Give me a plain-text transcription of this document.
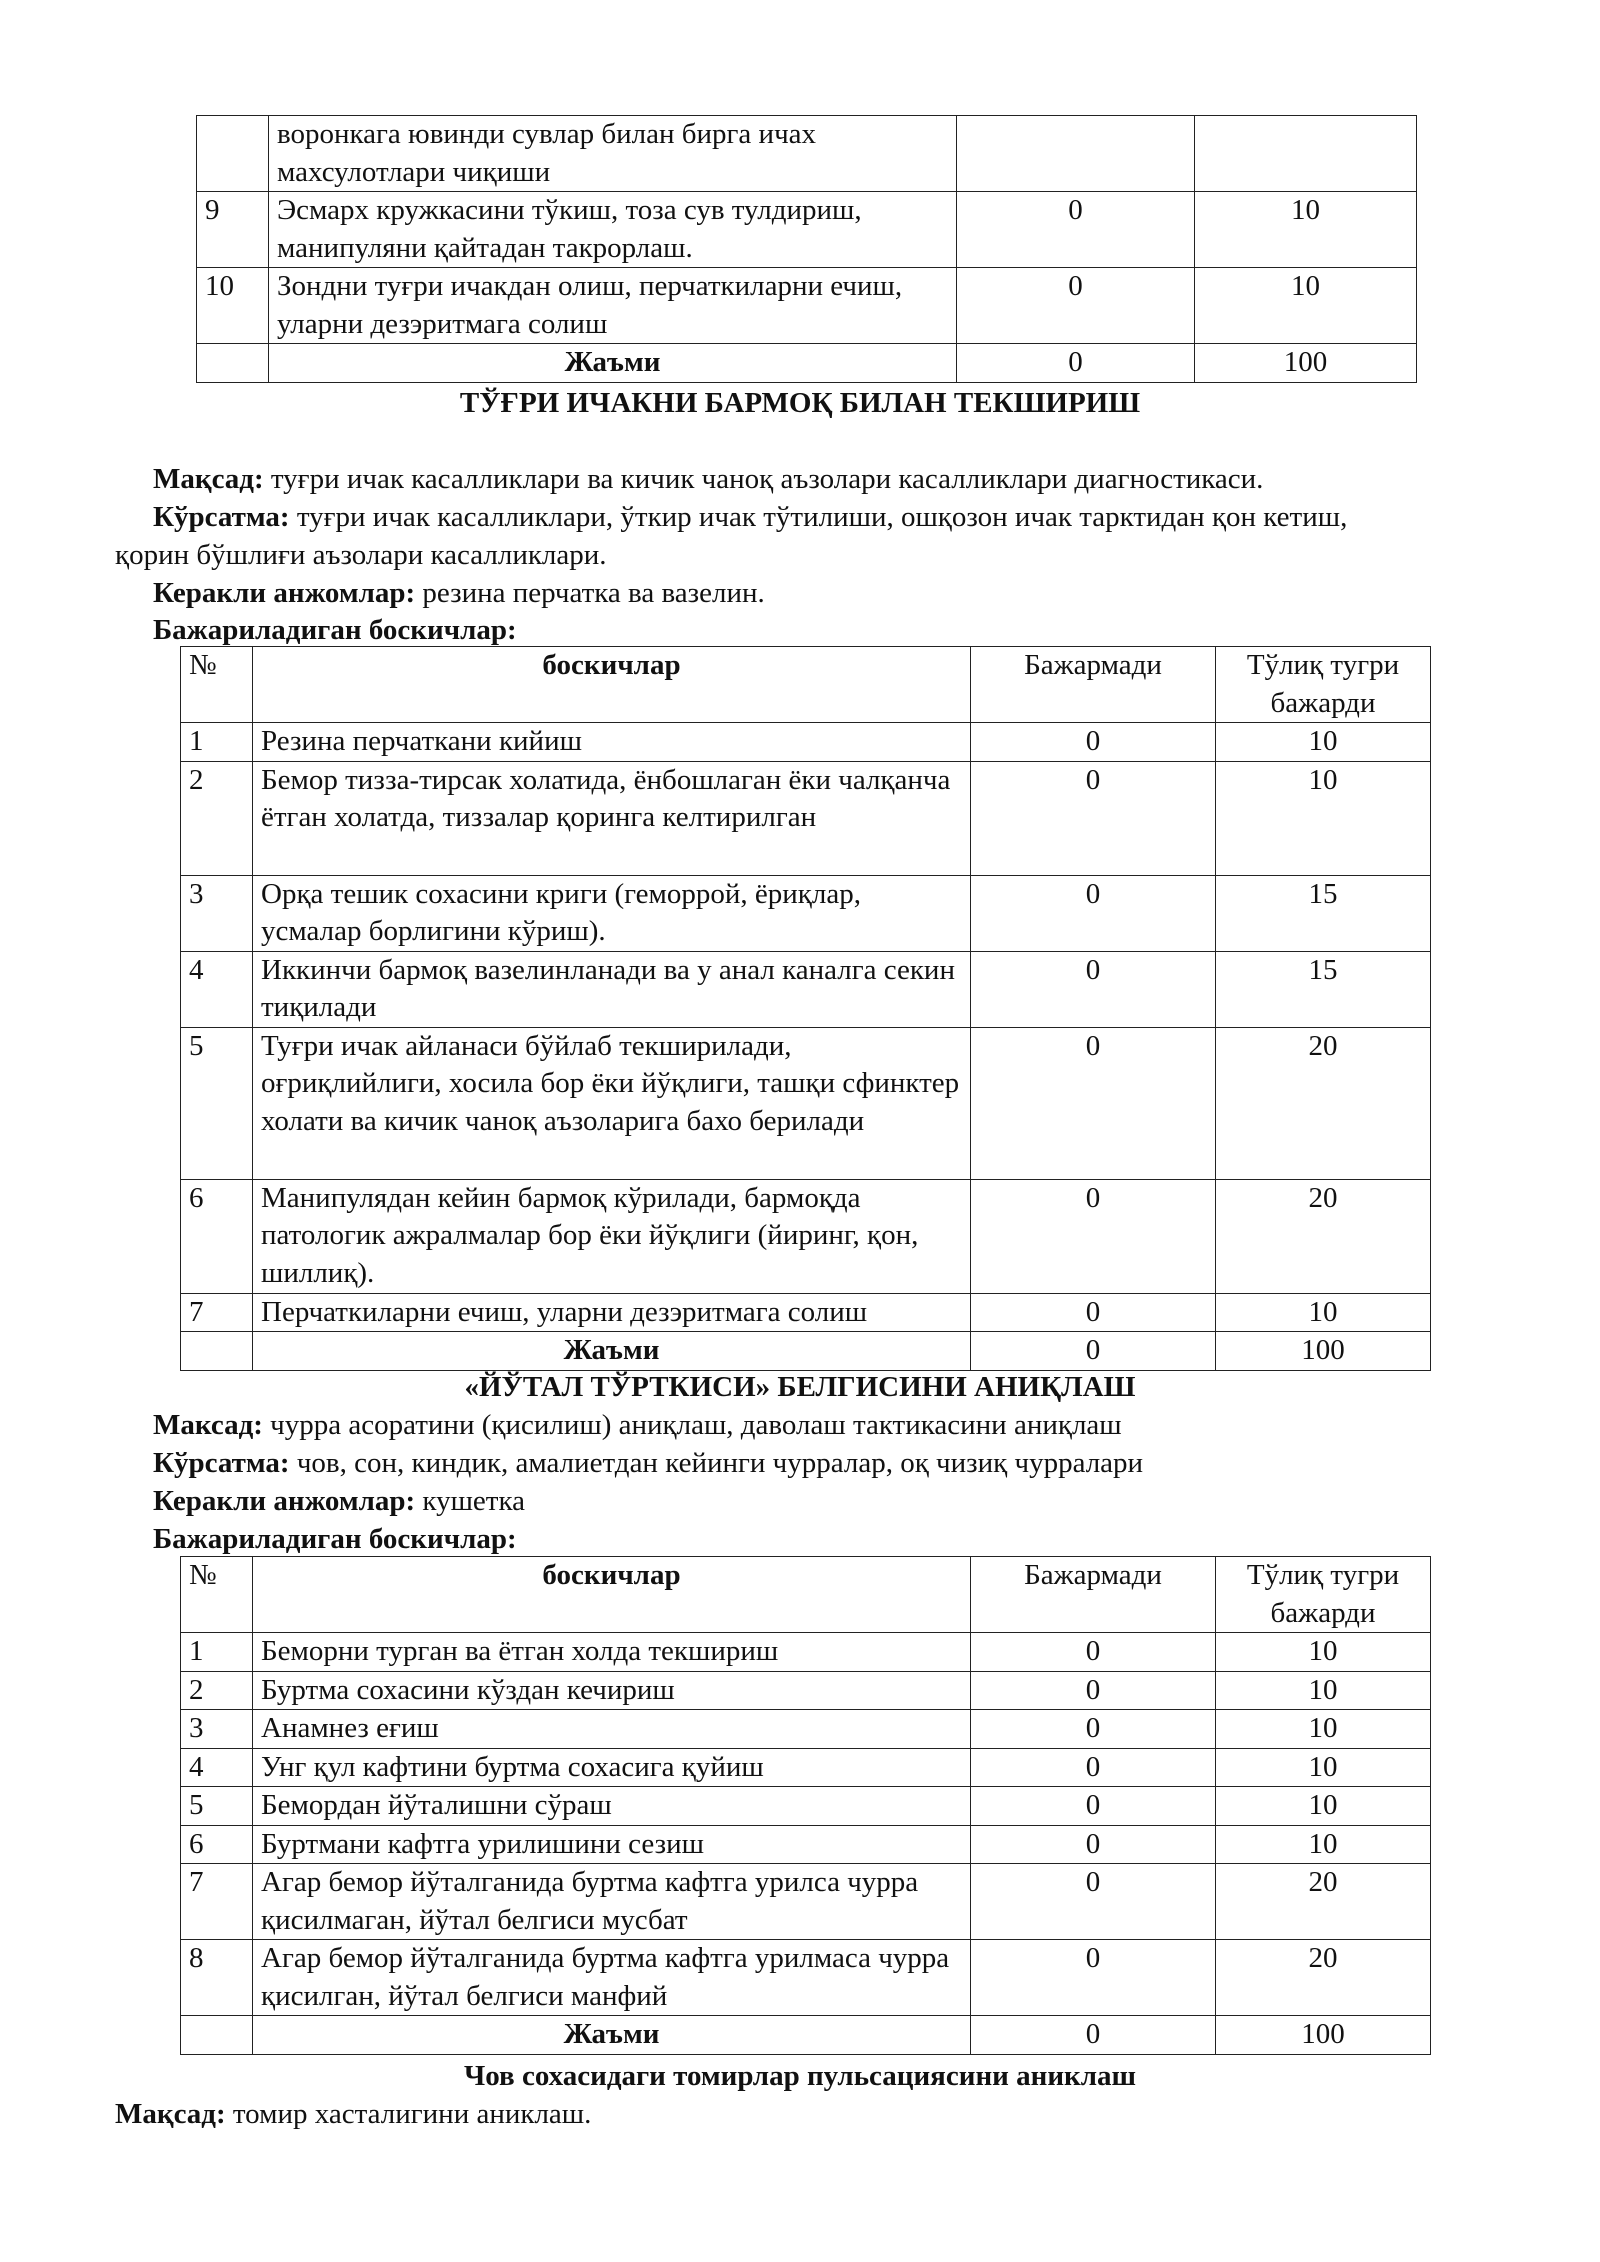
	воронкага ювинди сувлар билан бирга ичах махсулотлари чиқиши		
9	Эсмарх кружкасини тўкиш, тоза сув тулдириш, манипуляни қайтадан такрорлаш.	0	10
10	Зондни туғри ичакдан олиш, перчаткиларни ечиш, уларни дезэритмага солиш	0	10
	Жаъми	0	100
ТЎҒРИ ИЧАКНИ БАРМОҚ БИЛАН ТЕКШИРИШ
Мақсад: туғри ичак касалликлари ва кичик чаноқ аъзолари касалликлари диагностикаси.
Кўрсатма: туғри ичак касалликлари, ўткир ичак тўтилиши, ошқозон ичак тарктидан қон кетиш,
қорин бўшлиғи аъзолари касалликлари.
Керакли анжомлар: резина перчатка ва вазелин.
Бажариладиган боскичлар:
№	боскичлар	Бажармади	Тўлиқ тугри бажарди
1	Резина перчаткани кийиш	0	10
2	Бемор тизза-тирсак холатида, ёнбошлаган ёки чалқанча ётган холатда, тиззалар қоринга келтирилган	0	10
3	Орқа тешик сохасини криги (геморрой, ёриқлар, усмалар борлигини кўриш).	0	15
4	Иккинчи бармоқ вазелинланади ва у анал каналга секин тиқилади	0	15
5	Туғри ичак айланаси бўйлаб текширилади, оғриқлийлиги, хосила бор ёки йўқлиги, ташқи сфинктер холати ва кичик чаноқ аъзоларига бахо берилади	0	20
6	Манипулядан кейин бармоқ кўрилади, бармоқда патологик ажралмалар бор ёки йўқлиги (йиринг, қон, шиллиқ).	0	20
7	Перчаткиларни ечиш, уларни дезэритмага солиш	0	10
	Жаъми	0	100
«ЙЎТАЛ ТЎРТКИСИ» БЕЛГИСИНИ АНИҚЛАШ
Максад: чурра асоратини (қисилиш) аниқлаш, даволаш тактикасини аниқлаш
Кўрсатма: чов, сон, киндик, амалиетдан кейинги чурралар, оқ чизиқ чурралари
Керакли анжомлар: кушетка
Бажариладиган боскичлар:
№	боскичлар	Бажармади	Тўлиқ тугри бажарди
1	Беморни турган ва ётган холда текшириш	0	10
2	Буртма сохасини кўздан кечириш	0	10
3	Анамнез еғиш	0	10
4	Унг қул кафтини буртма сохасига қуйиш	0	10
5	Бемордан йўталишни сўраш	0	10
6	Буртмани кафтга урилишини сезиш	0	10
7	Агар бемор йўталганида буртма кафтга урилса чурра қисилмаган, йўтал белгиси мусбат	0	20
8	Агар бемор йўталганида буртма кафтга урилмаса чурра қисилган, йўтал белгиси манфий	0	20
	Жаъми	0	100
Чов сохасидаги томирлар пульсациясини аниклаш
Мақсад: томир хасталигини аниклаш.
